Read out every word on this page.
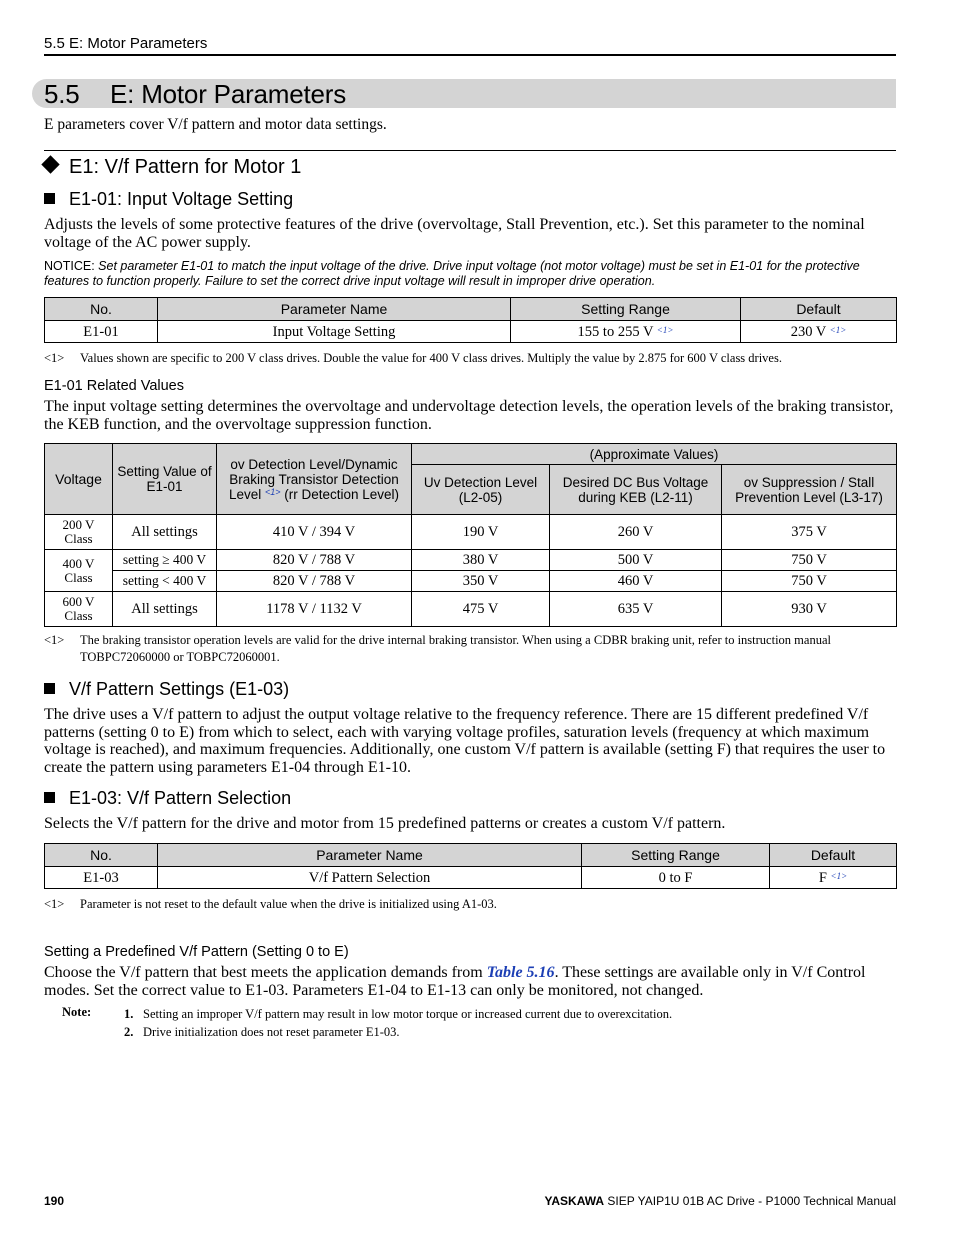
5.5 E: Motor Parameters
5.5 E: Motor Parameters
E parameters cover V/f pattern and motor data settings.
E1: V/f Pattern for Motor 1
E1-01: Input Voltage Setting
Adjusts the levels of some protective features of the drive (overvoltage, Stall Prevention, etc.). Set this parameter to the nominal voltage of the AC power supply.
NOTICE: Set parameter E1-01 to match the input voltage of the drive. Drive input voltage (not motor voltage) must be set in E1-01 for the protective features to function properly. Failure to set the correct drive input voltage will result in improper drive operation.
No.	Parameter Name	Setting Range	Default
E1-01	Input Voltage Setting	155 to 255 V $^{<1>}$	230 V $^{<1>}$
<1> Values shown are specific to 200 V class drives. Double the value for 400 V class drives. Multiply the value by 2.875 for 600 V class drives.
E1-01 Related Values
The input voltage setting determines the overvoltage and undervoltage detection levels, the operation levels of the braking transistor, the KEB function, and the overvoltage suppression function.
Voltage	Setting Value of E1-01	ov Detection Level/Dynamic Braking Transistor Detection Level $^{<1>}$ (rr Detection Level)	(Approximate Values)		
			Uv Detection Level (L2-05)	Desired DC Bus Voltage during KEB (L2-11)	ov Suppression / Stall Prevention Level (L3-17)
200 V Class	All settings	410 V / 394 V	190 V	260 V	375 V
400 V Class	setting ≥ 400 V	820 V / 788 V	380 V	500 V	750 V
	setting < 400 V	820 V / 788 V	350 V	460 V	750 V
600 V Class	All settings	1178 V / 1132 V	475 V	635 V	930 V
<1>	The braking transistor operation levels are valid for the drive internal braking transistor. When using a CDBR braking unit, refer to instruction manual TOBPC72060000 or TOBPC72060001.
V/f Pattern Settings (E1-03)
The drive uses a V/f pattern to adjust the output voltage relative to the frequency reference. There are 15 different predefined V/f patterns (setting 0 to E) from which to select, each with varying voltage profiles, saturation levels (frequency at which maximum voltage is reached), and maximum frequencies. Additionally, one custom V/f pattern is available (setting F) that requires the user to create the pattern using parameters E1-04 through E1-10.
E1-03: V/f Pattern Selection
Selects the V/f pattern for the drive and motor from 15 predefined patterns or creates a custom V/f pattern.
No.	Parameter Name	Setting Range	Default
E1-03	V/f Pattern Selection	0 to F	F $^{<1>}$
<1> Parameter is not reset to the default value when the drive is initialized using A1-03.
Setting a Predefined V/f Pattern (Setting 0 to E)
Choose the V/f pattern that best meets the application demands from Table 5.16. These settings are available only in V/f Control modes. Set the correct value to E1-03. Parameters E1-04 to E1-13 can only be monitored, not changed.
Note:	1. Setting an improper V/f pattern may result in low motor torque or increased current due to overexcitation.
2. Drive initialization does not reset parameter E1-03.
190	YASKAWA SIEP YAIP1U 01B AC Drive - P1000 Technical Manual
